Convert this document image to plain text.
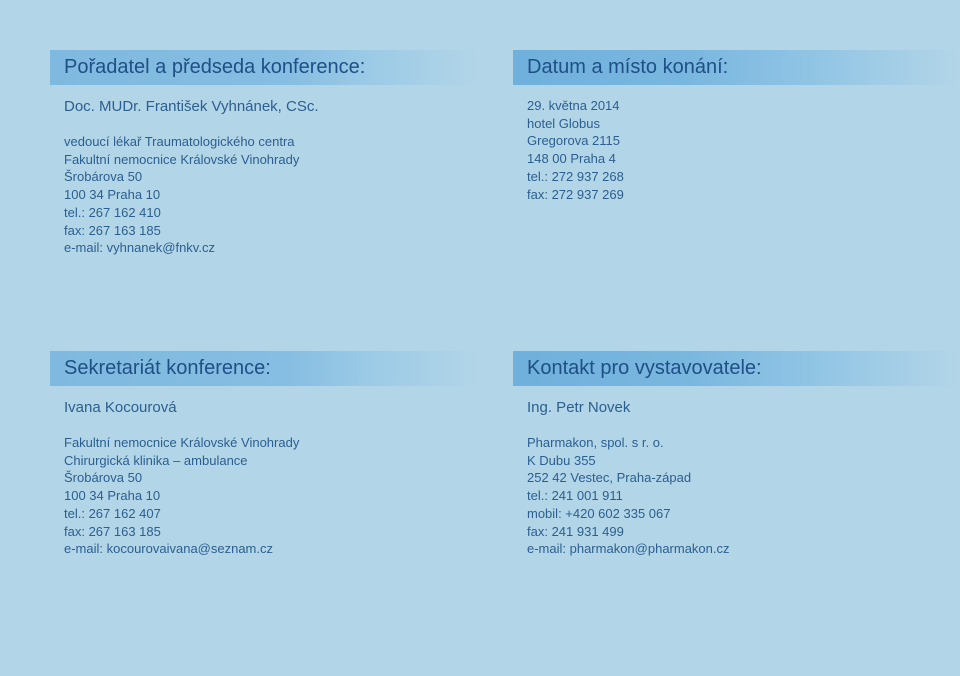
Pořadatel a předseda konference:
Doc. MUDr. František Vyhnánek, CSc.
vedoucí lékař Traumatologického centra
Fakultní nemocnice Královské Vinohrady
Šrobárova 50
100 34 Praha 10
tel.: 267 162 410
fax: 267 163 185
e-mail: vyhnanek@fnkv.cz
Datum a místo konání:
29. května 2014
hotel Globus
Gregorova 2115
148 00 Praha 4
tel.: 272 937 268
fax: 272 937 269
Sekretariát konference:
Ivana Kocourová
Fakultní nemocnice Královské Vinohrady
Chirurgická klinika – ambulance
Šrobárova 50
100 34 Praha 10
tel.: 267 162 407
fax: 267 163 185
e-mail: kocourovaivana@seznam.cz
Kontakt pro vystavovatele:
Ing. Petr Novek
Pharmakon, spol. s r. o.
K Dubu 355
252 42 Vestec, Praha-západ
tel.: 241 001 911
mobil: +420 602 335 067
fax: 241 931 499
e-mail: pharmakon@pharmakon.cz
